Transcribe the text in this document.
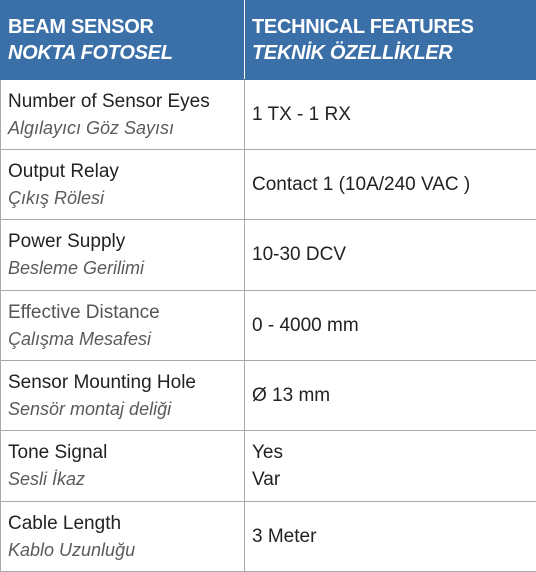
BEAM SENSOR
NOKTA FOTOSEL	TECHNICAL FEATURES
TEKNİK ÖZELLİKLER

Number of Sensor Eyes
Algılayıcı Göz Sayısı	1 TX - 1 RX

Output Relay
Çıkış Rölesi	Contact 1 (10A/240 VAC )

Power Supply
Besleme Gerilimi	10-30 DCV

Effective Distance
Çalışma Mesafesi	0 - 4000 mm

Sensor Mounting Hole
Sensör montaj deliği	Ø 13 mm

Tone Signal
Sesli İkaz	Yes
Var

Cable Length
Kablo Uzunluğu	3 Meter
